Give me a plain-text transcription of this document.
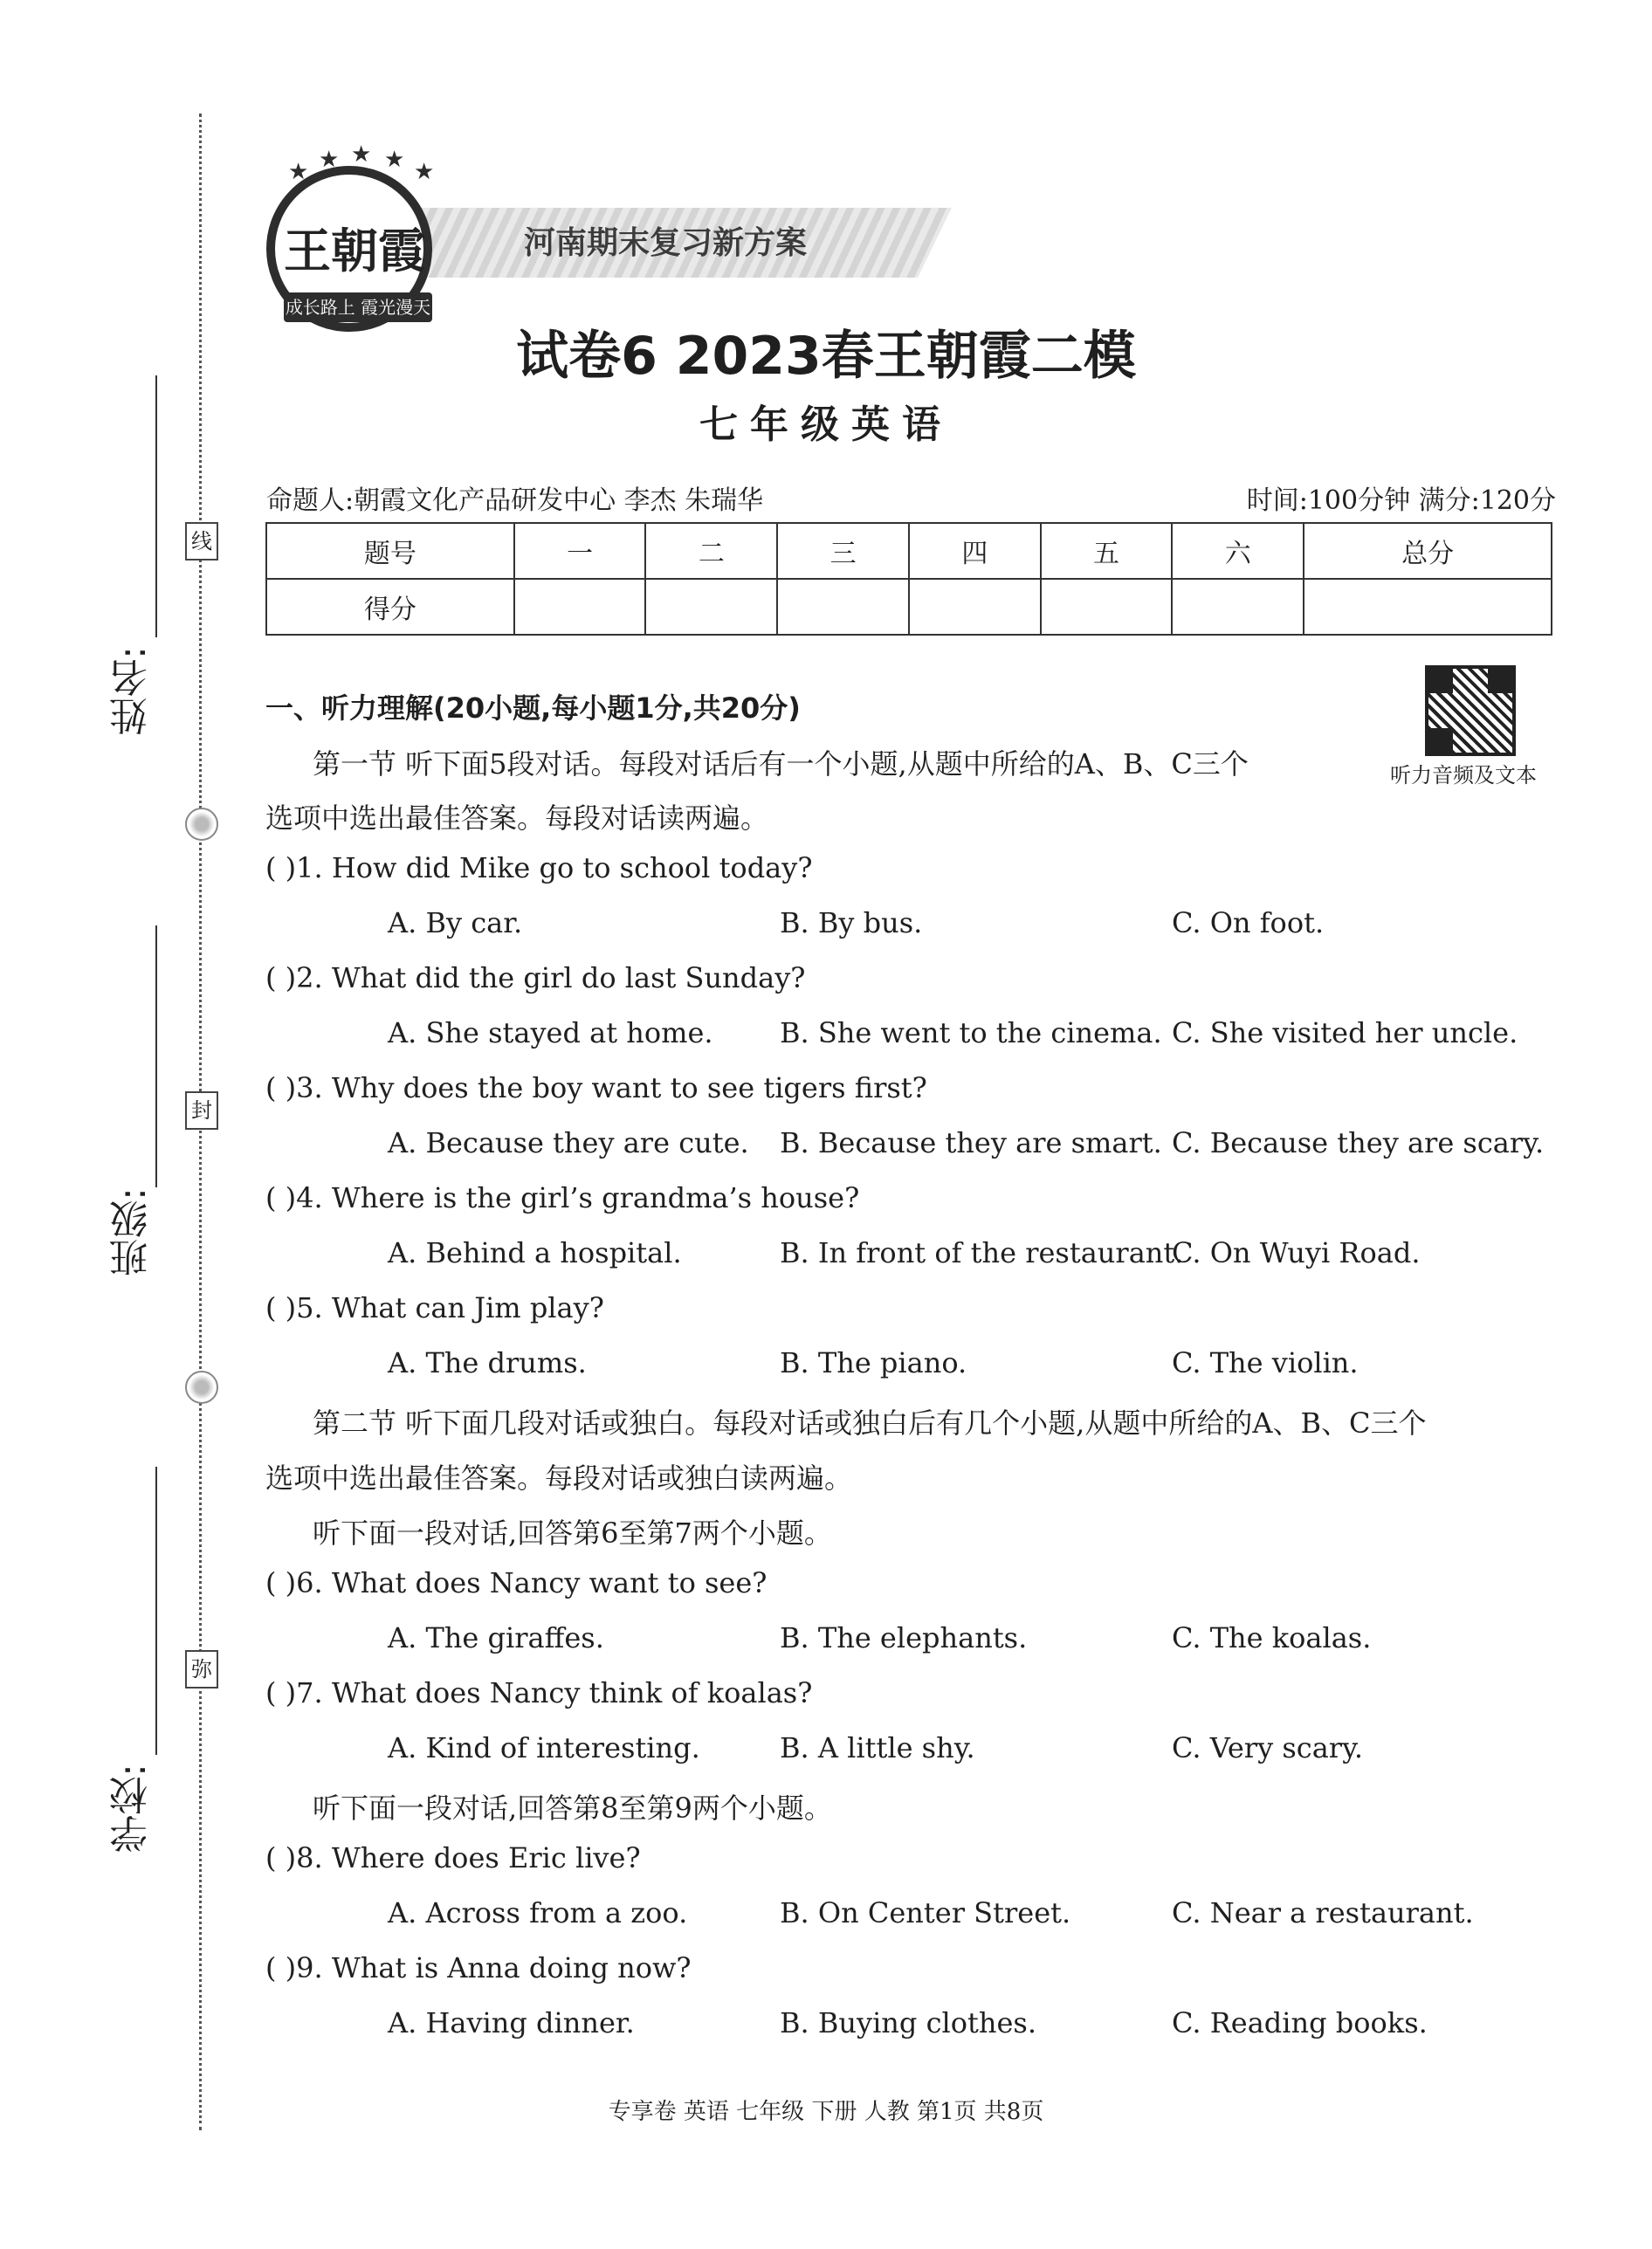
线
封
弥
姓名:
班级:
学校:
河南期末复习新方案
★ ★ ★ ★ ★
王朝霞
成长路上 霞光漫天
试卷6 2023春王朝霞二模
七年级英语
命题人:朝霞文化产品研发中心 李杰 朱瑞华	时间:100分钟 满分:120分
题号	一	二	三	四	五	六	总分
得分							
听力音频及文本
一、听力理解(20小题,每小题1分,共20分)
第一节 听下面5段对话。每段对话后有一个小题,从题中所给的A、B、C三个
选项中选出最佳答案。每段对话读两遍。
( )1. How did Mike go to school today?
A. By car.	B. By bus.	C. On foot.
( )2. What did the girl do last Sunday?
A. She stayed at home. B. She went to the cinema. C. She visited her uncle.
( )3. Why does the boy want to see tigers first?
A. Because they are cute. B. Because they are smart. C. Because they are scary.
( )4. Where is the girl’s grandma’s house?
A. Behind a hospital.	B. In front of the restaurant.
C. On Wuyi Road.
( )5. What can Jim play?
A. The drums.	B. The piano.	C. The violin.
第二节 听下面几段对话或独白。每段对话或独白后有几个小题,从题中所给的A、B、C三个
选项中选出最佳答案。每段对话或独白读两遍。
听下面一段对话,回答第6至第7两个小题。
( )6. What does Nancy want to see?
A. The giraffes.	B. The elephants.	C. The koalas.
( )7. What does Nancy think of koalas?
A. Kind of interesting.	B. A little shy.	C. Very scary.
听下面一段对话,回答第8至第9两个小题。
( )8. Where does Eric live?
A. Across from a zoo.	B. On Center Street.	C. Near a restaurant.
( )9. What is Anna doing now?
A. Having dinner.	B. Buying clothes.	C. Reading books.
专享卷 英语 七年级 下册 人教 第1页 共8页
